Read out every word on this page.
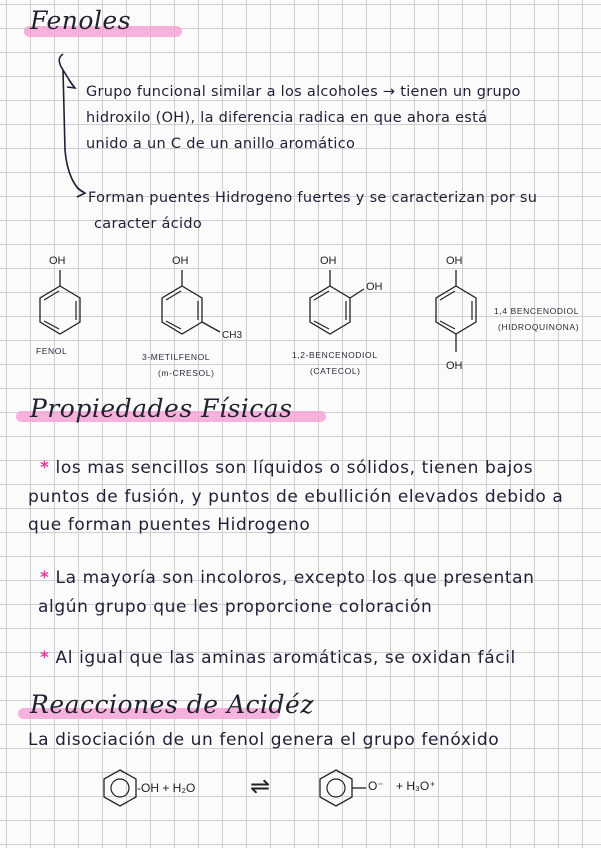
Fenoles
Grupo funcional similar a los alcoholes → tienen un grupo
hidroxilo (OH), la diferencia radica en que ahora está
unido a un C de un anillo aromático
Forman puentes Hidrogeno fuertes y se caracterizan por su
caracter ácido
OH
FENOL
OH
CH3
3-METILFENOL
(m-CRESOL)
OH
OH
1,2-BENCENODIOL
(CATECOL)
OH
OH
1,4 BENCENODIOL
(HIDROQUINONA)
Propiedades Físicas
* los mas sencillos son líquidos o sólidos, tienen bajos
puntos de fusión, y puntos de ebullición elevados debido a
que forman puentes Hidrogeno
* La mayoría son incoloros, excepto los que presentan
algún grupo que les proporcione coloración
* Al igual que las aminas aromáticas, se oxidan fácil
Reacciones de Acidéz
La disociación de un fenol genera el grupo fenóxido
-OH + H₂O ⇌	O⁻ + H₃O⁺
